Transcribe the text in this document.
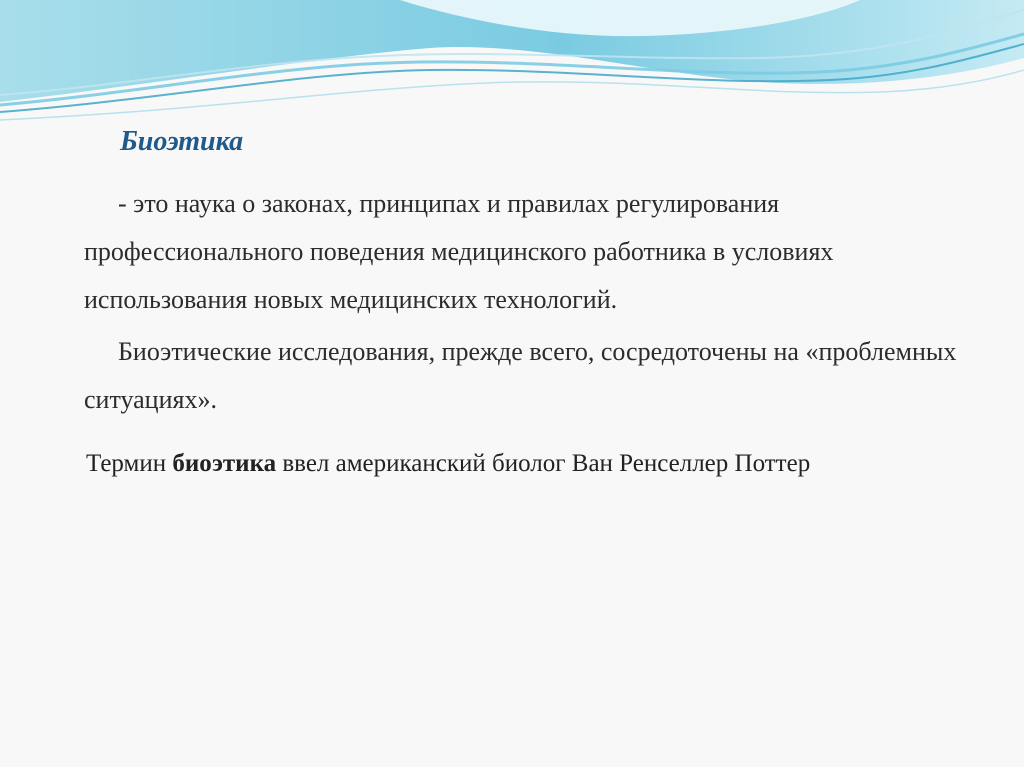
Биоэтика
- это наука о законах, принципах и правилах регулирования профессионального поведения медицинского работника в условиях использования новых медицинских технологий.
Биоэтические исследования, прежде всего, сосредоточены на «проблемных ситуациях».
Термин биоэтика ввел американский биолог Ван Ренселлер Поттер
